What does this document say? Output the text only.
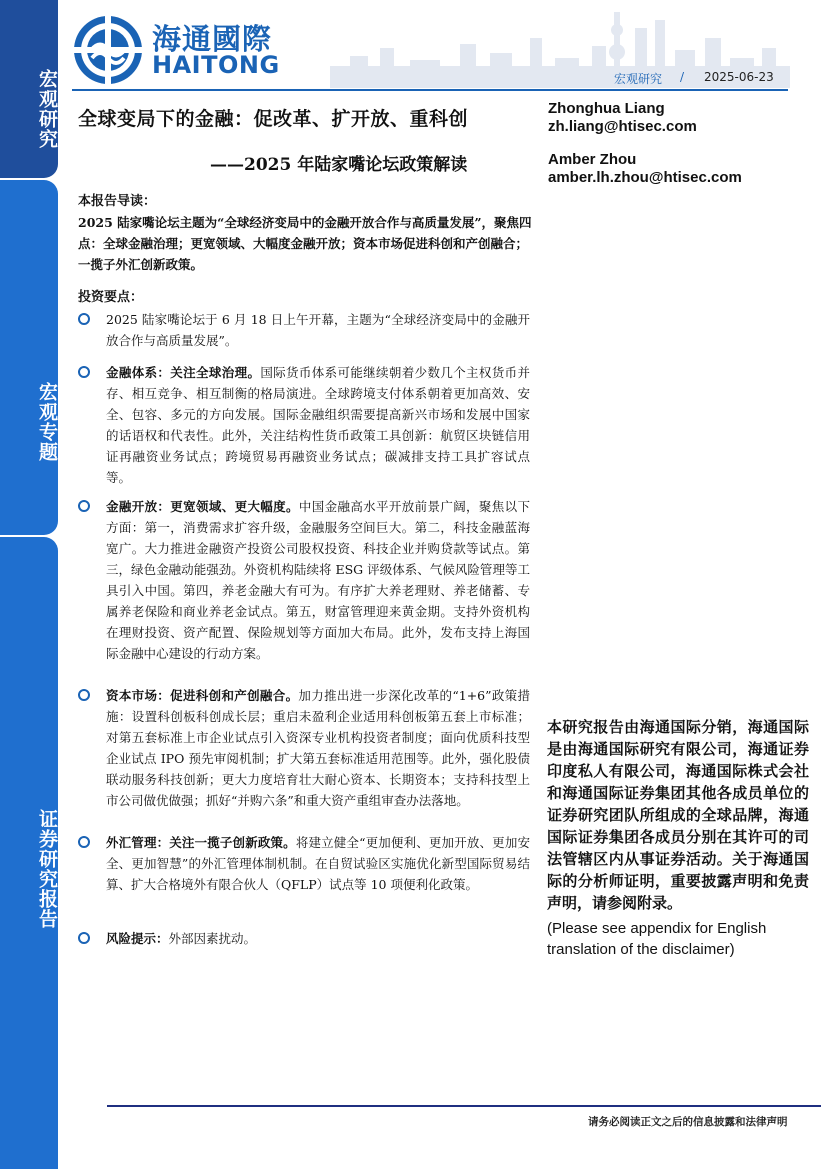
宏观研究
宏观专题
证券研究报告
海通國際
HAITONG	宏观研究 / 2025-06-23
全球变局下的金融：促改革、扩开放、重科创
——2025 年陆家嘴论坛政策解读
Zhonghua Liang
zh.liang@htisec.com
Amber Zhou
amber.lh.zhou@htisec.com
本报告导读：
2025 陆家嘴论坛主题为“全球经济变局中的金融开放合作与高质量发展”，聚焦四点：全球金融治理；更宽领域、大幅度金融开放；资本市场促进科创和产创融合；一揽子外汇创新政策。
投资要点：
2025 陆家嘴论坛于 6 月 18 日上午开幕，主题为“全球经济变局中的金融开放合作与高质量发展”。
金融体系：关注全球治理。国际货币体系可能继续朝着少数几个主权货币并存、相互竞争、相互制衡的格局演进。全球跨境支付体系朝着更加高效、安全、包容、多元的方向发展。国际金融组织需要提高新兴市场和发展中国家的话语权和代表性。此外，关注结构性货币政策工具创新：航贸区块链信用证再融资业务试点；跨境贸易再融资业务试点；碳减排支持工具扩容试点等。
金融开放：更宽领域、更大幅度。中国金融高水平开放前景广阔，聚焦以下方面：第一，消费需求扩容升级，金融服务空间巨大。第二，科技金融蓝海宽广。大力推进金融资产投资公司股权投资、科技企业并购贷款等试点。第三，绿色金融动能强劲。外资机构陆续将 ESG 评级体系、气候风险管理等工具引入中国。第四，养老金融大有可为。有序扩大养老理财、养老储蓄、专属养老保险和商业养老金试点。第五，财富管理迎来黄金期。支持外资机构在理财投资、资产配置、保险规划等方面加大布局。此外，发布支持上海国际金融中心建设的行动方案。
资本市场：促进科创和产创融合。加力推出进一步深化改革的“1+6”政策措施：设置科创板科创成长层；重启未盈利企业适用科创板第五套上市标准；对第五套标准上市企业试点引入资深专业机构投资者制度；面向优质科技型企业试点 IPO 预先审阅机制；扩大第五套标准适用范围等。此外，强化股债联动服务科技创新；更大力度培育壮大耐心资本、长期资本；支持科技型上市公司做优做强；抓好“并购六条”和重大资产重组审查办法落地。
外汇管理：关注一揽子创新政策。将建立健全“更加便利、更加开放、更加安全、更加智慧”的外汇管理体制机制。在自贸试验区实施优化新型国际贸易结算、扩大合格境外有限合伙人（QFLP）试点等 10 项便利化政策。
风险提示：外部因素扰动。
本研究报告由海通国际分销，海通国际是由海通国际研究有限公司，海通证券印度私人有限公司，海通国际株式会社和海通国际证券集团其他各成员单位的证券研究团队所组成的全球品牌，海通国际证券集团各成员分别在其许可的司法管辖区内从事证券活动。关于海通国际的分析师证明，重要披露声明和免责声明，请参阅附录。
(Please see appendix for English translation of the disclaimer)
请务必阅读正文之后的信息披露和法律声明
